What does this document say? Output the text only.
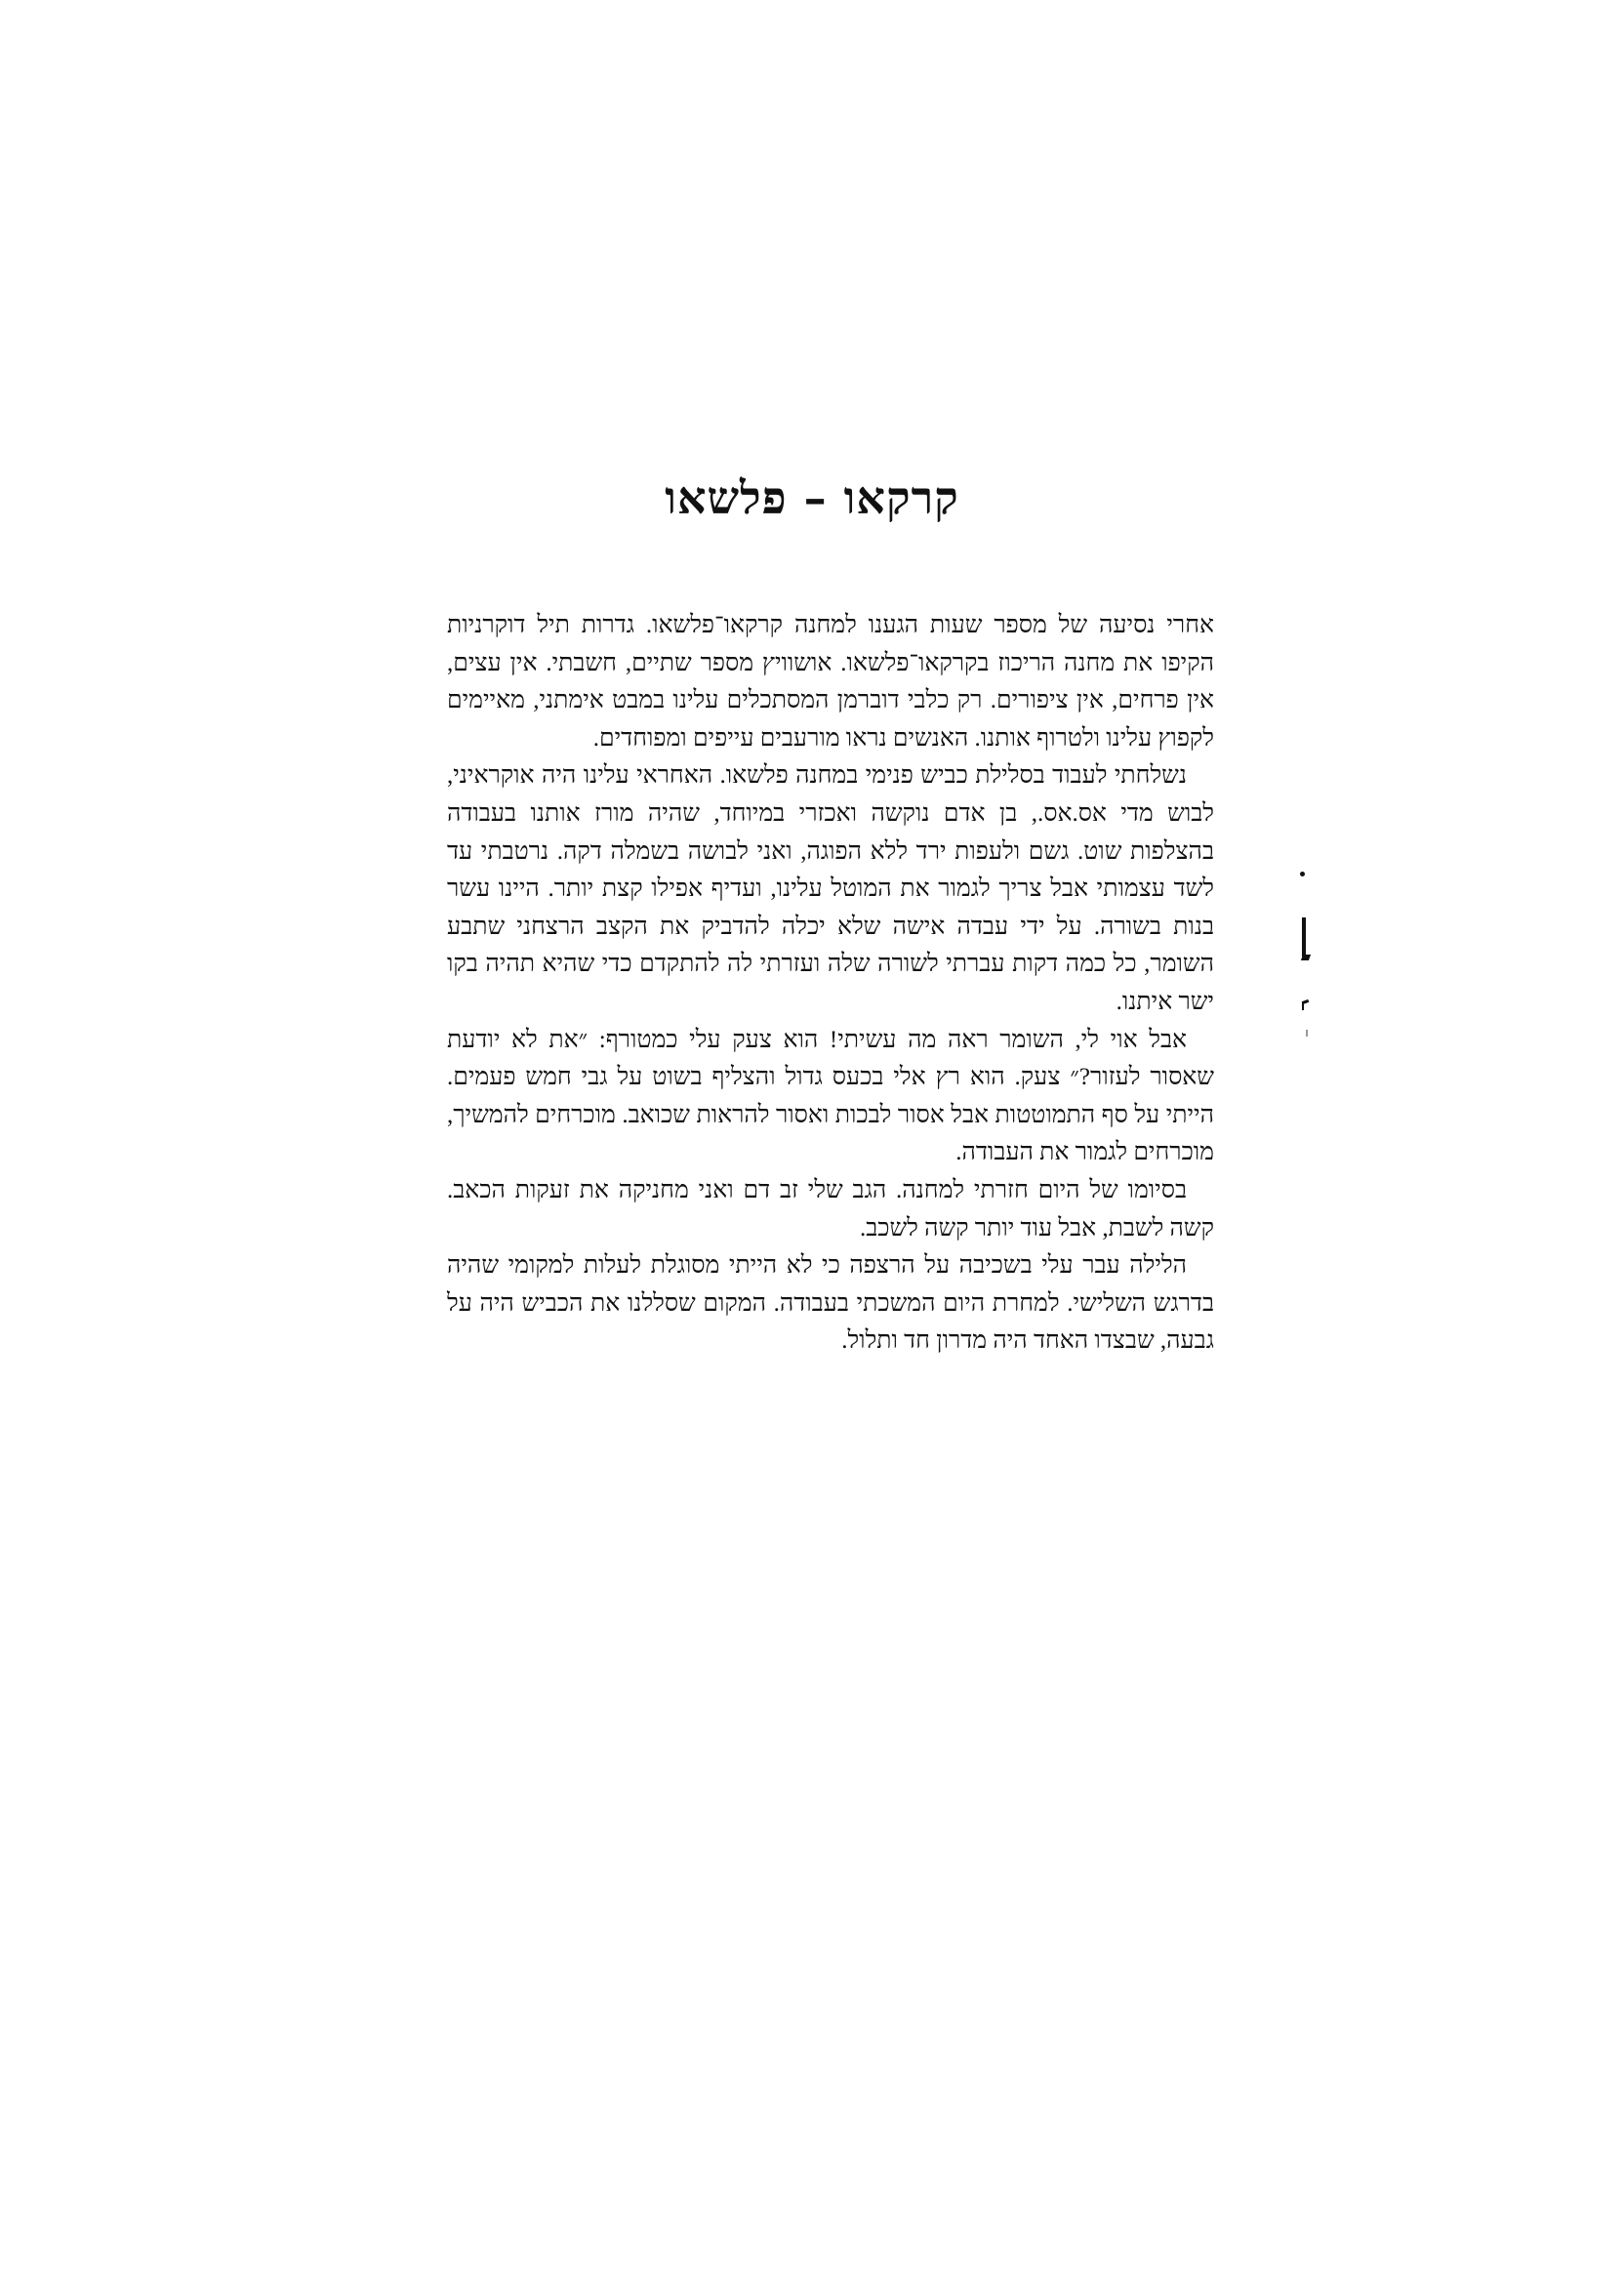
קרקאו – פלשאו

אחרי נסיעה של מספר שעות הגענו למחנה קרקאו־פלשאו. גדרות תיל דוקרניות הקיפו את מחנה הריכוז בקרקאו־פלשאו. אושוויץ מספר שתיים, חשבתי. אין עצים, אין פרחים, אין ציפורים. רק כלבי דוברמן המסתכלים עלינו במבט אימתני, מאיימים לקפוץ עלינו ולטרוף אותנו. האנשים נראו מורעבים עייפים ומפוחדים.

נשלחתי לעבוד בסלילת כביש פנימי במחנה פלשאו. האחראי עלינו היה אוקראיני, לבוש מדי אס.אס., בן אדם נוקשה ואכזרי במיוחד, שהיה מורז אותנו בעבודה בהצלפות שוט. גשם ולעפות ירד ללא הפוגה, ואני לבושה בשמלה דקה. נרטבתי עד לשד עצמותי אבל צריך לגמור את המוטל עלינו, ועדיף אפילו קצת יותר. היינו עשר בנות בשורה. על ידי עבדה אישה שלא יכלה להדביק את הקצב הרצחני שתבע השומר, כל כמה דקות עברתי לשורה שלה ועזרתי לה להתקדם כדי שהיא תהיה בקו ישר איתנו.

אבל אוי לי, השומר ראה מה עשיתי! הוא צעק עלי כמטורף: ״את לא יודעת שאסור לעזור?״ צעק. הוא רץ אלי בכעס גדול והצליף בשוט על גבי חמש פעמים. הייתי על סף התמוטטות אבל אסור לבכות ואסור להראות שכואב. מוכרחים להמשיך, מוכרחים לגמור את העבודה.

בסיומו של היום חזרתי למחנה. הגב שלי זב דם ואני מחניקה את זעקות הכאב. קשה לשבת, אבל עוד יותר קשה לשכב.

הלילה עבר עלי בשכיבה על הרצפה כי לא הייתי מסוגלת לעלות למקומי שהיה בדרגש השלישי. למחרת היום המשכתי בעבודה. המקום שסללנו את הכביש היה על גבעה, שבצדו האחד היה מדרון חד ותלול.
